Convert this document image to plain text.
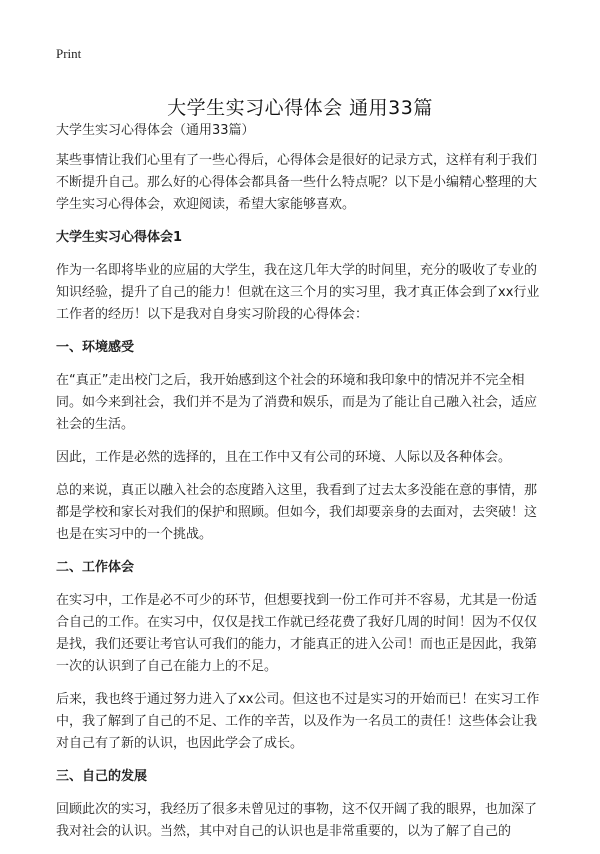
Print
大学生实习心得体会 通用33篇

大学生实习心得体会（通用33篇）

某些事情让我们心里有了一些心得后，心得体会是很好的记录方式，这样有利于我们不断提升自己。那么好的心得体会都具备一些什么特点呢？以下是小编精心整理的大学生实习心得体会，欢迎阅读，希望大家能够喜欢。

大学生实习心得体会1

作为一名即将毕业的应届的大学生，我在这几年大学的时间里，充分的吸收了专业的知识经验，提升了自己的能力！但就在这三个月的实习里，我才真正体会到了xx行业工作者的经历！以下是我对自身实习阶段的心得体会：

一、环境感受

在“真正”走出校门之后，我开始感到这个社会的环境和我印象中的情况并不完全相同。如今来到社会，我们并不是为了消费和娱乐，而是为了能让自己融入社会，适应社会的生活。

因此，工作是必然的选择的，且在工作中又有公司的环境、人际以及各种体会。

总的来说，真正以融入社会的态度踏入这里，我看到了过去太多没能在意的事情，那都是学校和家长对我们的保护和照顾。但如今，我们却要亲身的去面对，去突破！这也是在实习中的一个挑战。

二、工作体会

在实习中，工作是必不可少的环节，但想要找到一份工作可并不容易，尤其是一份适合自己的工作。在实习中，仅仅是找工作就已经花费了我好几周的时间！因为不仅仅是找，我们还要让考官认可我们的能力，才能真正的进入公司！而也正是因此，我第一次的认识到了自己在能力上的不足。

后来，我也终于通过努力进入了xx公司。但这也不过是实习的开始而已！在实习工作中，我了解到了自己的不足、工作的辛苦，以及作为一名员工的责任！这些体会让我对自己有了新的认识，也因此学会了成长。

三、自己的发展

回顾此次的实习，我经历了很多未曾见过的事物，这不仅开阔了我的眼界，也加深了我对社会的认识。当然，其中对自己的认识也是非常重要的，以为了解了自己的
